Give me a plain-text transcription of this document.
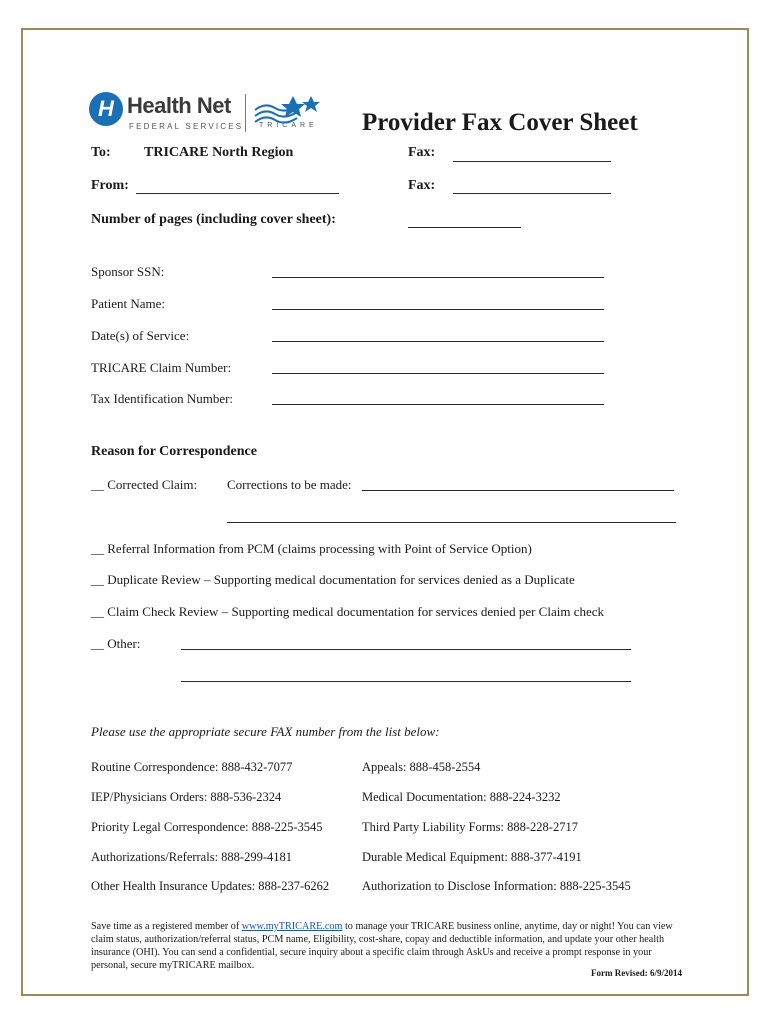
H Health Net
FEDERAL SERVICES TRICARE Provider Fax Cover Sheet
To: TRICARE North Region	Fax:
From:	Fax:
Number of pages (including cover sheet):
Sponsor SSN:
Patient Name:
Date(s) of Service:
TRICARE Claim Number:
Tax Identification Number:
Reason for Correspondence
__ Corrected Claim: Corrections to be made:
__ Referral Information from PCM (claims processing with Point of Service Option)
__ Duplicate Review – Supporting medical documentation for services denied as a Duplicate
__ Claim Check Review – Supporting medical documentation for services denied per Claim check
__ Other:
Please use the appropriate secure FAX number from the list below:
Routine Correspondence: 888-432-7077	Appeals: 888-458-2554
IEP/Physicians Orders: 888-536-2324	Medical Documentation: 888-224-3232
Priority Legal Correspondence: 888-225-3545	Third Party Liability Forms: 888-228-2717
Authorizations/Referrals: 888-299-4181	Durable Medical Equipment: 888-377-4191
Other Health Insurance Updates: 888-237-6262	Authorization to Disclose Information: 888-225-3545
Save time as a registered member of www.myTRICARE.com to manage your TRICARE business online, anytime, day or night! You can view claim status, authorization/referral status, PCM name, Eligibility, cost-share, copay and deductible information, and update your other health insurance (OHI). You can send a confidential, secure inquiry about a specific claim through AskUs and receive a prompt response in your personal, secure myTRICARE mailbox.
Form Revised: 6/9/2014
